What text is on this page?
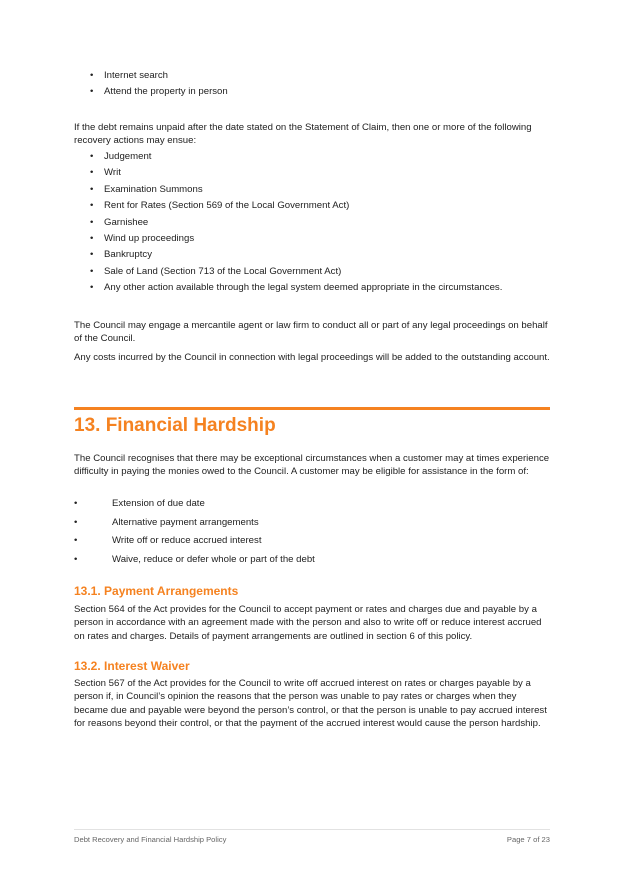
• Internet search
• Attend the property in person

If the debt remains unpaid after the date stated on the Statement of Claim, then one or more of the following recovery actions may ensue:

• Judgement
• Writ
• Examination Summons
• Rent for Rates (Section 569 of the Local Government Act)
• Garnishee
• Wind up proceedings
• Bankruptcy
• Sale of Land (Section 713 of the Local Government Act)
• Any other action available through the legal system deemed appropriate in the circumstances.

The Council may engage a mercantile agent or law firm to conduct all or part of any legal proceedings on behalf of the Council.

Any costs incurred by the Council in connection with legal proceedings will be added to the outstanding account.

13. Financial Hardship

The Council recognises that there may be exceptional circumstances when a customer may at times experience difficulty in paying the monies owed to the Council. A customer may be eligible for assistance in the form of:

•	Extension of due date
•	Alternative payment arrangements
•	Write off or reduce accrued interest
•	Waive, reduce or defer whole or part of the debt
13.1. Payment Arrangements

Section 564 of the Act provides for the Council to accept payment or rates and charges due and payable by a person in accordance with an agreement made with the person and also to write off or reduce interest accrued on rates and charges. Details of payment arrangements are outlined in section 6 of this policy.

13.2. Interest Waiver

Section 567 of the Act provides for the Council to write off accrued interest on rates or charges payable by a person if, in Council’s opinion the reasons that the person was unable to pay rates or charges when they became due and payable were beyond the person’s control, or that the person is unable to pay accrued interest for reasons beyond their control, or that the payment of the accrued interest would cause the person hardship.

Debt Recovery and Financial Hardship Policy	Page 7 of 23
